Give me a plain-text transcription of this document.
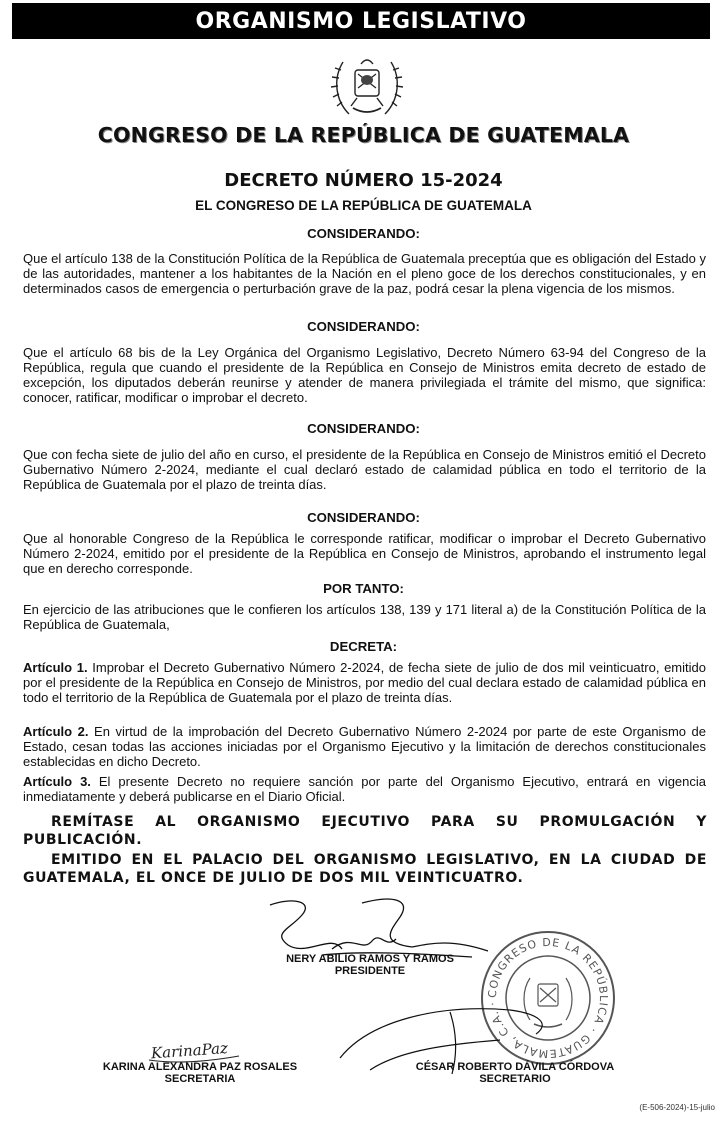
ORGANISMO LEGISLATIVO
CONGRESO DE LA REPÚBLICA DE GUATEMALA
DECRETO NÚMERO 15-2024
EL CONGRESO DE LA REPÚBLICA DE GUATEMALA
CONSIDERANDO:
Que el artículo 138 de la Constitución Política de la República de Guatemala preceptúa que es obligación del Estado y de las autoridades, mantener a los habitantes de la Nación en el pleno goce de los derechos constitucionales, y en determinados casos de emergencia o perturbación grave de la paz, podrá cesar la plena vigencia de los mismos.
CONSIDERANDO:
Que el artículo 68 bis de la Ley Orgánica del Organismo Legislativo, Decreto Número 63-94 del Congreso de la República, regula que cuando el presidente de la República en Consejo de Ministros emita decreto de estado de excepción, los diputados deberán reunirse y atender de manera privilegiada el trámite del mismo, que significa: conocer, ratificar, modificar o improbar el decreto.
CONSIDERANDO:
Que con fecha siete de julio del año en curso, el presidente de la República en Consejo de Ministros emitió el Decreto Gubernativo Número 2-2024, mediante el cual declaró estado de calamidad pública en todo el territorio de la República de Guatemala por el plazo de treinta días.
CONSIDERANDO:
Que al honorable Congreso de la República le corresponde ratificar, modificar o improbar el Decreto Gubernativo Número 2-2024, emitido por el presidente de la República en Consejo de Ministros, aprobando el instrumento legal que en derecho corresponde.
POR TANTO:
En ejercicio de las atribuciones que le confieren los artículos 138, 139 y 171 literal a) de la Constitución Política de la República de Guatemala,
DECRETA:
Artículo 1. Improbar el Decreto Gubernativo Número 2-2024, de fecha siete de julio de dos mil veinticuatro, emitido por el presidente de la República en Consejo de Ministros, por medio del cual declara estado de calamidad pública en todo el territorio de la República de Guatemala por el plazo de treinta días.
Artículo 2. En virtud de la improbación del Decreto Gubernativo Número 2-2024 por parte de este Organismo de Estado, cesan todas las acciones iniciadas por el Organismo Ejecutivo y la limitación de derechos constitucionales establecidas en dicho Decreto.
Artículo 3. El presente Decreto no requiere sanción por parte del Organismo Ejecutivo, entrará en vigencia inmediatamente y deberá publicarse en el Diario Oficial.
REMÍTASE AL ORGANISMO EJECUTIVO PARA SU PROMULGACIÓN Y PUBLICACIÓN.
EMITIDO EN EL PALACIO DEL ORGANISMO LEGISLATIVO, EN LA CIUDAD DE GUATEMALA, EL ONCE DE JULIO DE DOS MIL VEINTICUATRO.
NERY ABILIO RAMOS Y RAMOS
PRESIDENTE
CONGRESO DE LA REPÚBLICA · GUATEMALA, C.A. ·
KarinaPaz
KARINA ALEXANDRA PAZ ROSALES
SECRETARIA
CÉSAR ROBERTO DÁVILA CÓRDOVA
SECRETARIO
(E-506-2024)-15-julio
